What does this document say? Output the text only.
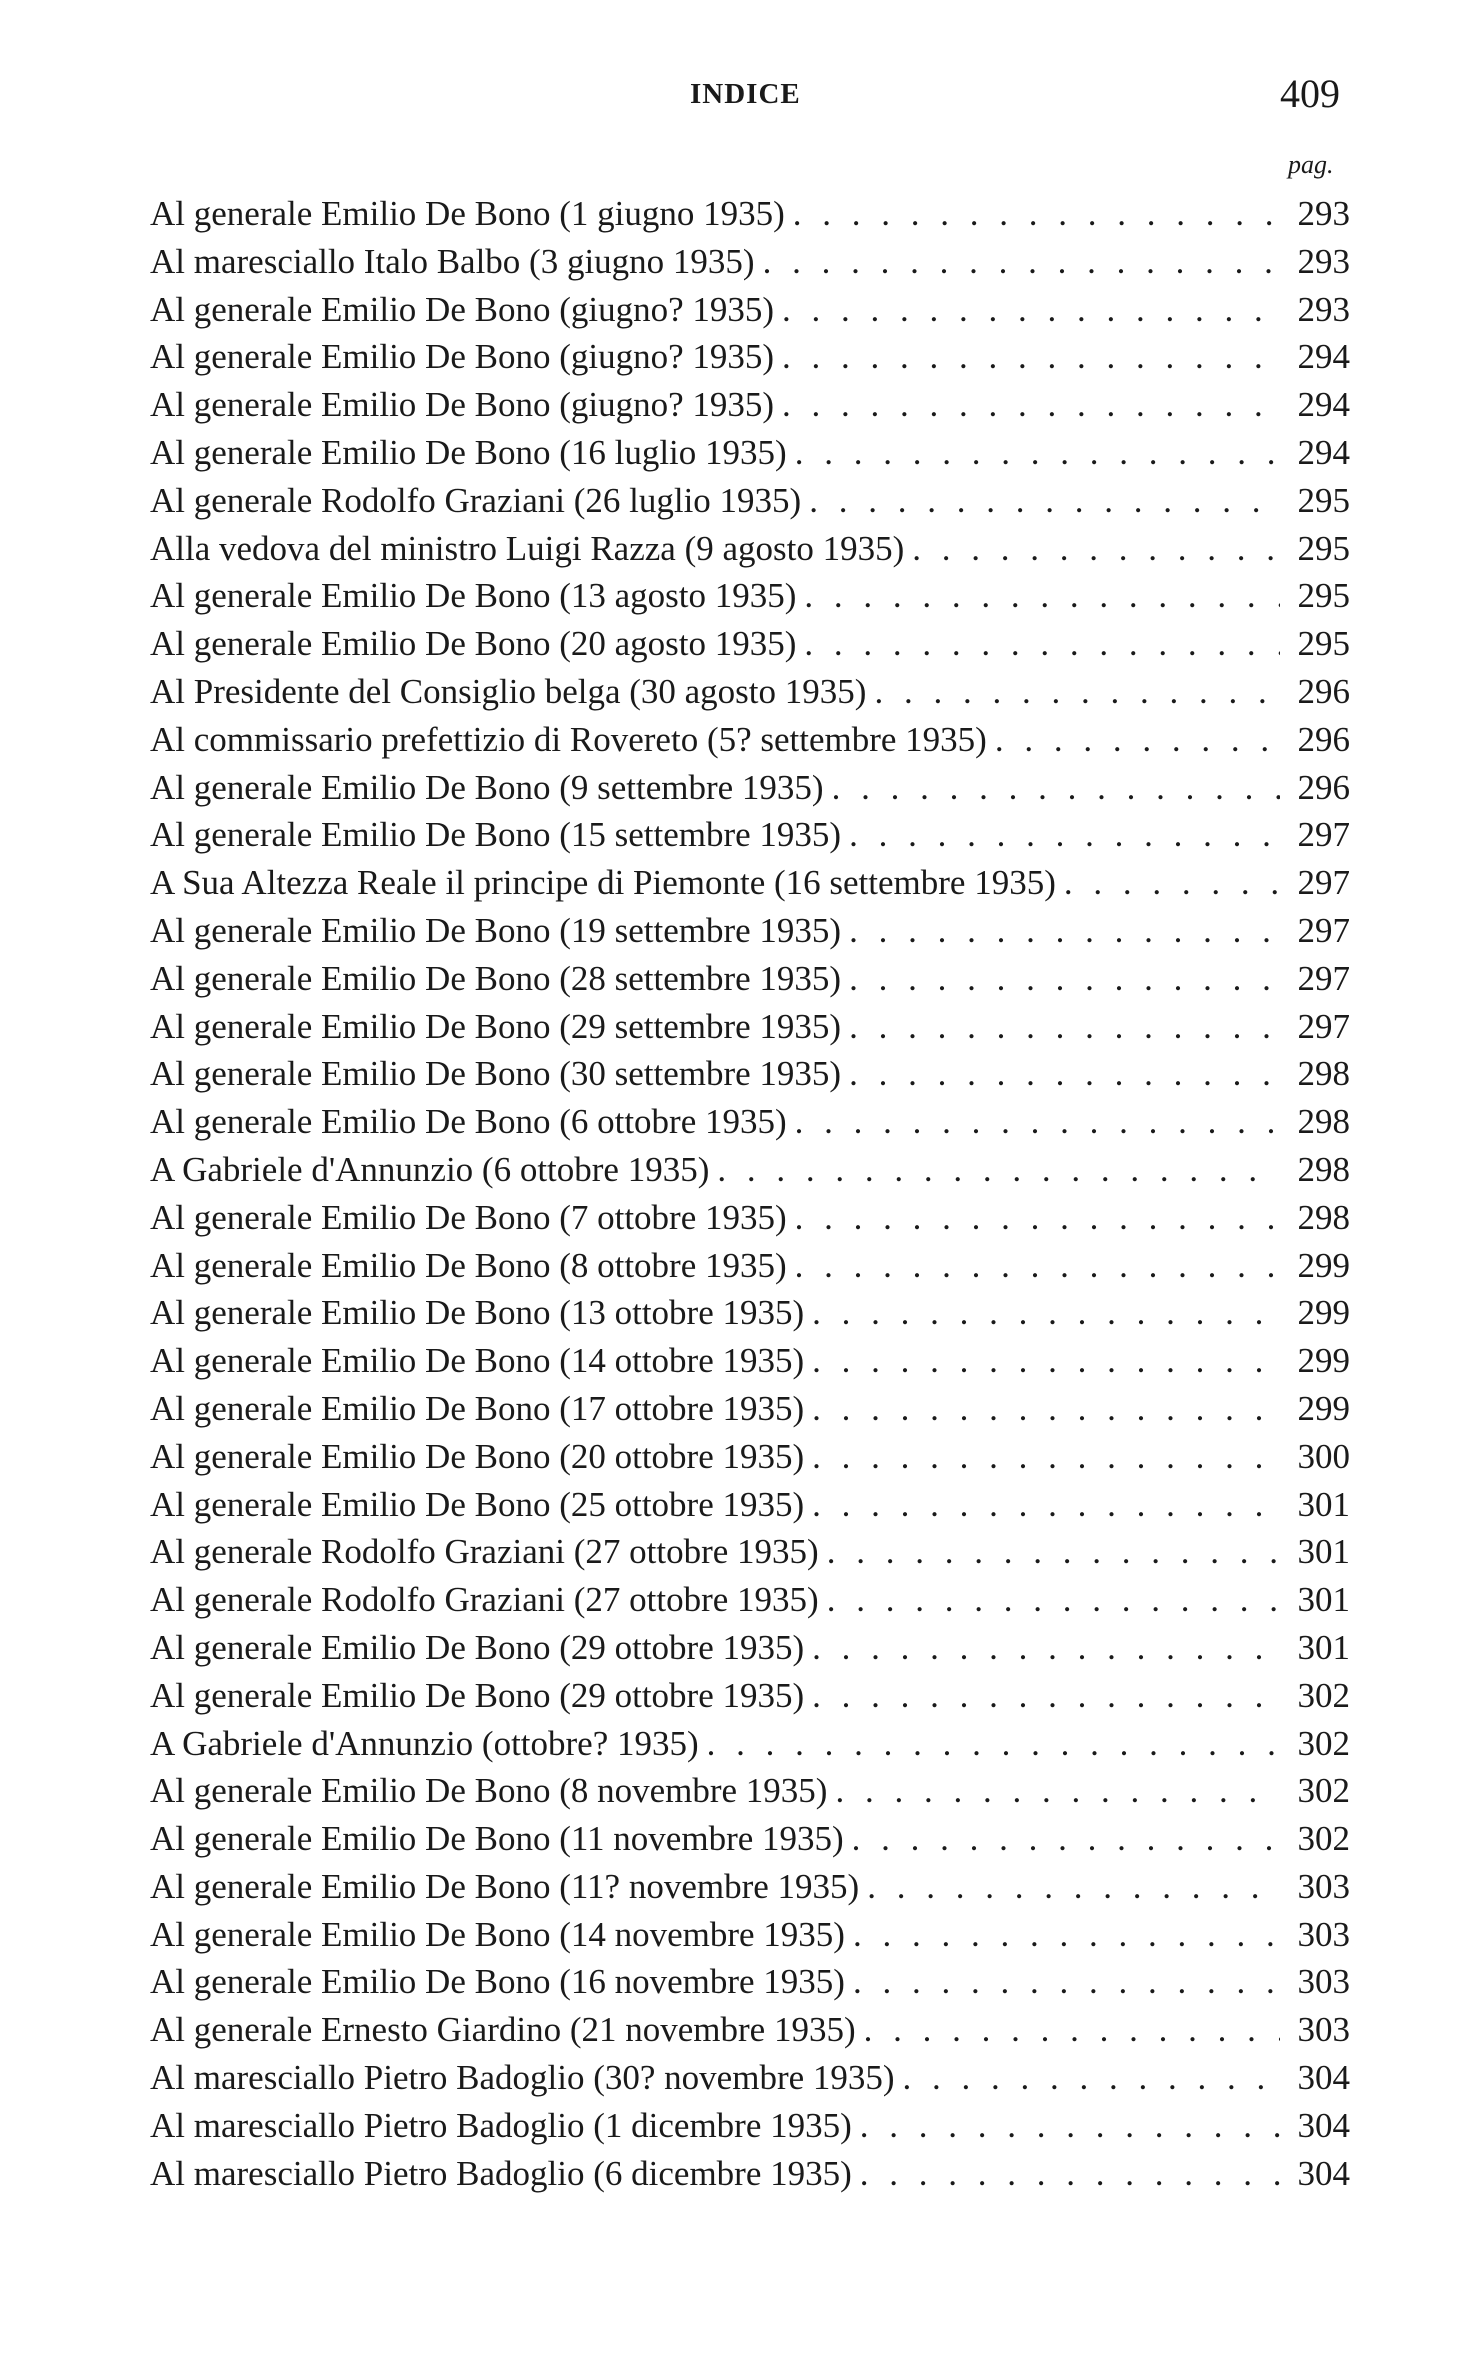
INDICE	409
pag.
Al generale Emilio De Bono (1 giugno 1935) . . .	293
Al maresciallo Italo Balbo (3 giugno 1935) . . .	293
Al generale Emilio De Bono (giugno? 1935) . . .	293
Al generale Emilio De Bono (giugno? 1935) . . .	294
Al generale Emilio De Bono (giugno? 1935) . . .	294
Al generale Emilio De Bono (16 luglio 1935) . . .	294
Al generale Rodolfo Graziani (26 luglio 1935) . . .	295
Alla vedova del ministro Luigi Razza (9 agosto 1935) . . .	295
Al generale Emilio De Bono (13 agosto 1935) . . .	295
Al generale Emilio De Bono (20 agosto 1935) . . .	295
Al Presidente del Consiglio belga (30 agosto 1935) . . .	296
Al commissario prefettizio di Rovereto (5? settembre 1935) . . .	296
Al generale Emilio De Bono (9 settembre 1935) . . .	296
Al generale Emilio De Bono (15 settembre 1935) . . .	297
A Sua Altezza Reale il principe di Piemonte (16 settembre 1935) . . .	297
Al generale Emilio De Bono (19 settembre 1935) . . .	297
Al generale Emilio De Bono (28 settembre 1935) . . .	297
Al generale Emilio De Bono (29 settembre 1935) . . .	297
Al generale Emilio De Bono (30 settembre 1935) . . .	298
Al generale Emilio De Bono (6 ottobre 1935) . . .	298
A Gabriele d'Annunzio (6 ottobre 1935) . . .	298
Al generale Emilio De Bono (7 ottobre 1935) . . .	298
Al generale Emilio De Bono (8 ottobre 1935) . . .	299
Al generale Emilio De Bono (13 ottobre 1935) . . .	299
Al generale Emilio De Bono (14 ottobre 1935) . . .	299
Al generale Emilio De Bono (17 ottobre 1935) . . .	299
Al generale Emilio De Bono (20 ottobre 1935) . . .	300
Al generale Emilio De Bono (25 ottobre 1935) . . .	301
Al generale Rodolfo Graziani (27 ottobre 1935) . . .	301
Al generale Rodolfo Graziani (27 ottobre 1935) . . .	301
Al generale Emilio De Bono (29 ottobre 1935) . . .	301
Al generale Emilio De Bono (29 ottobre 1935) . . .	302
A Gabriele d'Annunzio (ottobre? 1935) . . .	302
Al generale Emilio De Bono (8 novembre 1935) . . .	302
Al generale Emilio De Bono (11 novembre 1935) . . .	302
Al generale Emilio De Bono (11? novembre 1935) . . .	303
Al generale Emilio De Bono (14 novembre 1935) . . .	303
Al generale Emilio De Bono (16 novembre 1935) . . .	303
Al generale Ernesto Giardino (21 novembre 1935) . . .	303
Al maresciallo Pietro Badoglio (30? novembre 1935) . . .	304
Al maresciallo Pietro Badoglio (1 dicembre 1935) . . .	304
Al maresciallo Pietro Badoglio (6 dicembre 1935) . . .	304
